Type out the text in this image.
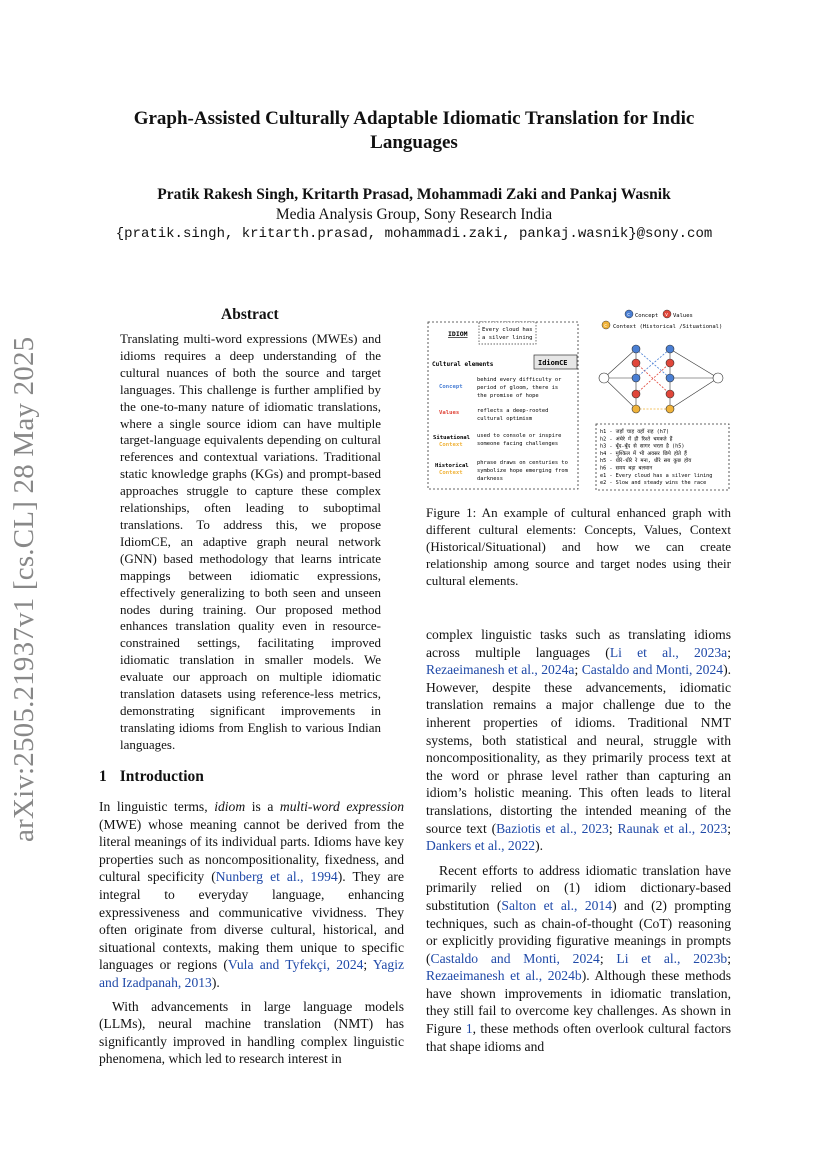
arXiv:2505.21937v1 [cs.CL] 28 May 2025
Graph-Assisted Culturally Adaptable Idiomatic Translation for Indic Languages
Pratik Rakesh Singh, Kritarth Prasad, Mohammadi Zaki and Pankaj Wasnik
Media Analysis Group, Sony Research India
{pratik.singh, kritarth.prasad, mohammadi.zaki, pankaj.wasnik}@sony.com
Abstract
Translating multi-word expressions (MWEs) and idioms requires a deep understanding of the cultural nuances of both the source and target languages. This challenge is further amplified by the one-to-many nature of idiomatic translations, where a single source idiom can have multiple target-language equivalents depending on cultural references and contextual variations. Traditional static knowledge graphs (KGs) and prompt-based approaches struggle to capture these complex relationships, often leading to suboptimal translations. To address this, we propose IdiomCE, an adaptive graph neural network (GNN) based methodology that learns intricate mappings between idiomatic expressions, effectively generalizing to both seen and unseen nodes during training. Our proposed method enhances translation quality even in resource-constrained settings, facilitating improved idiomatic translation in smaller models. We evaluate our approach on multiple idiomatic translation datasets using reference-less metrics, demonstrating significant improvements in translating idioms from English to various Indian languages.
1 Introduction

In linguistic terms, idiom is a multi-word expression (MWE) whose meaning cannot be derived from the literal meanings of its individual parts. Idioms have key properties such as noncompositionality, fixedness, and cultural specificity (Nunberg et al., 1994). They are integral to everyday language, enhancing expressiveness and communicative vividness. They often originate from diverse cultural, historical, and situational contexts, making them unique to specific languages or regions (Vula and Tyfekçi, 2024; Yagiz and Izadpanah, 2013).

With advancements in large language models (LLMs), neural machine translation (NMT) has significantly improved in handling complex linguistic phenomena, which led to research interest in

IDIOM	Every cloud has
a silver lining
Cultural elements	IdiomCE
Concept
behind every difficulty or
period of gloom, there is
the promise of hope
Values	reflects a deep-rooted
cultural optimism
Situational
Context
used to console or inspire
someone facing challenges
Historical
Context
phrase draws on centuries to
symbolize hope emerging from
darkness
c Concept v Values
c Context (Historical /Situational)
h1 - जहाँ चाह वहाँ राह (h7)
h2 - अंधेरे में ही रिश्ते चमकते हैं
h3 - बूँद-बूँद से सागर भरता है (h5)
h4 - मुश्किल में भी अवसर छिपे होते हैं
h5 - धीरे-धीरे रे मना, धीरे सब कुछ होय
h6 - समय बड़ा बलवान
e1 - Every cloud has a silver lining
e2 - Slow and steady wins the race
Figure 1: An example of cultural enhanced graph with different cultural elements: Concepts, Values, Context (Historical/Situational) and how we can create relationship among source and target nodes using their cultural elements.

complex linguistic tasks such as translating idioms across multiple languages (Li et al., 2023a; Rezaeimanesh et al., 2024a; Castaldo and Monti, 2024). However, despite these advancements, idiomatic translation remains a major challenge due to the inherent properties of idioms. Traditional NMT systems, both statistical and neural, struggle with noncompositionality, as they primarily process text at the word or phrase level rather than capturing an idiom’s holistic meaning. This often leads to literal translations, distorting the intended meaning of the source text (Baziotis et al., 2023; Raunak et al., 2023; Dankers et al., 2022).

Recent efforts to address idiomatic translation have primarily relied on (1) idiom dictionary-based substitution (Salton et al., 2014) and (2) prompting techniques, such as chain-of-thought (CoT) reasoning or explicitly providing figurative meanings in prompts (Castaldo and Monti, 2024; Li et al., 2023b; Rezaeimanesh et al., 2024b). Although these methods have shown improvements in idiomatic translation, they still fail to overcome key challenges. As shown in Figure 1, these methods often overlook cultural factors that shape idioms and
